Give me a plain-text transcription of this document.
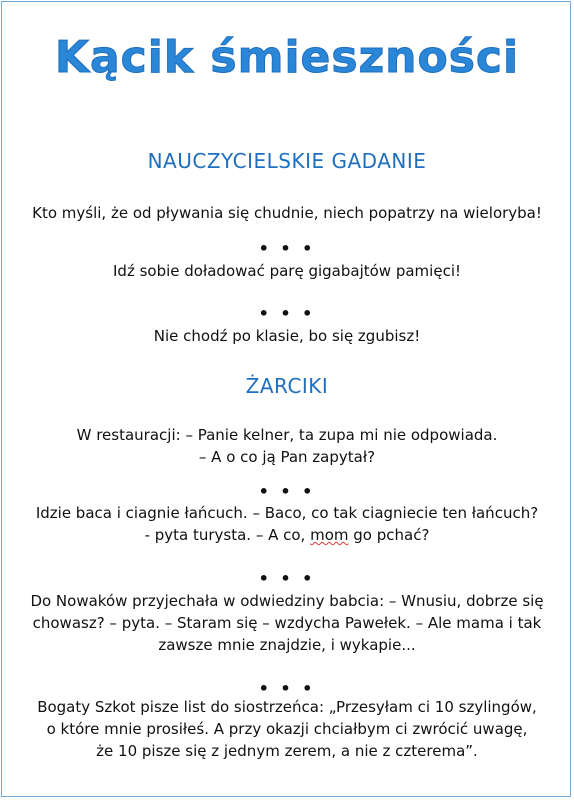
Kącik śmieszności
NAUCZYCIELSKIE GADANIE
Kto myśli, że od pływania się chudnie, niech popatrzy na wieloryba!
• • •
Idź sobie doładować parę gigabajtów pamięci!
• • •
Nie chodź po klasie, bo się zgubisz!
ŻARCIKI
W restauracji: – Panie kelner, ta zupa mi nie odpowiada.
– A o co ją Pan zapytał?
• • •
Idzie baca i ciagnie łańcuch. – Baco, co tak ciagniecie ten łańcuch?
- pyta turysta. – A co, mom go pchać?
• • •
Do Nowaków przyjechała w odwiedziny babcia: – Wnusiu, dobrze się
chowasz? – pyta. – Staram się – wzdycha Pawełek. – Ale mama i tak
zawsze mnie znajdzie, i wykapie...
• • •
Bogaty Szkot pisze list do siostrzeńca: „Przesyłam ci 10 szylingów,
o które mnie prosiłeś. A przy okazji chciałbym ci zwrócić uwagę,
że 10 pisze się z jednym zerem, a nie z czterema”.
